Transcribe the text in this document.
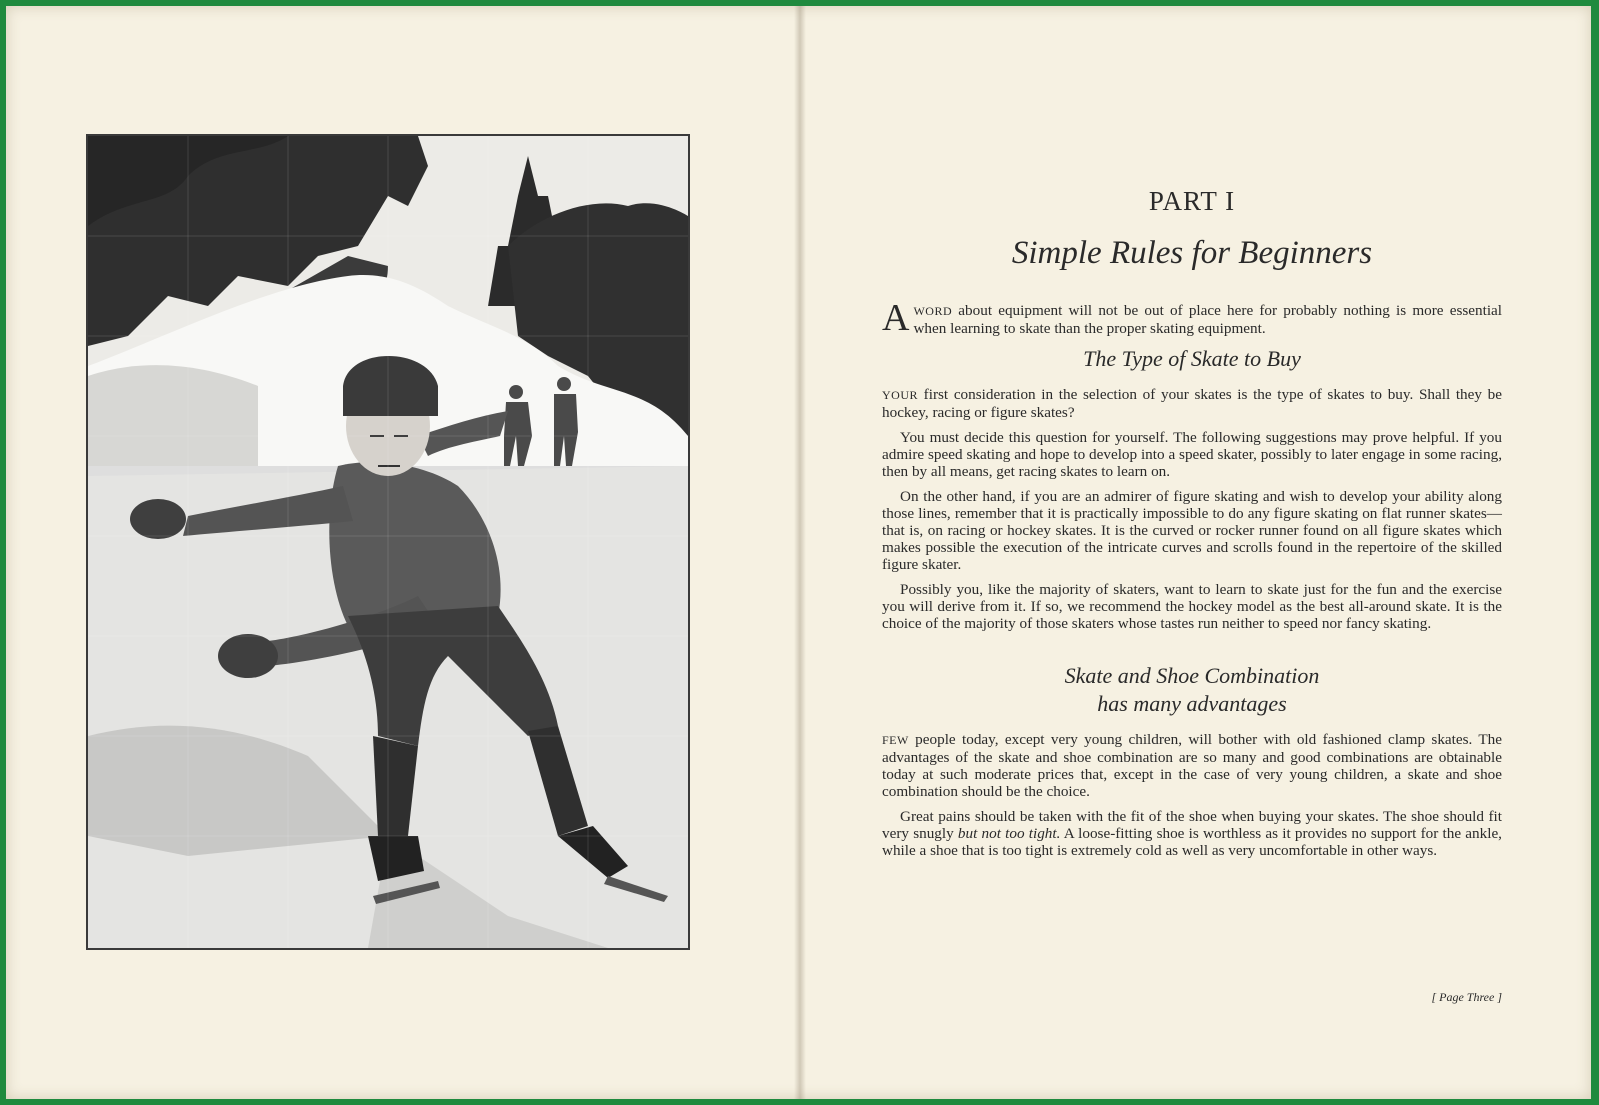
PART I
Simple Rules for Beginners

AWORD about equipment will not be out of place here for probably nothing is more essential when learning to skate than the proper skating equipment.

The Type of Skate to Buy

YOUR first consideration in the selection of your skates is the type of skates to buy. Shall they be hockey, racing or figure skates?

You must decide this question for yourself. The following suggestions may prove helpful. If you admire speed skating and hope to develop into a speed skater, possibly to later engage in some racing, then by all means, get racing skates to learn on.

On the other hand, if you are an admirer of figure skating and wish to develop your ability along those lines, remember that it is practically impossible to do any figure skating on flat runner skates—that is, on racing or hockey skates. It is the curved or rocker runner found on all figure skates which makes possible the execution of the intricate curves and scrolls found in the repertoire of the skilled figure skater.

Possibly you, like the majority of skaters, want to learn to skate just for the fun and the exercise you will derive from it. If so, we recommend the hockey model as the best all-around skate. It is the choice of the majority of those skaters whose tastes run neither to speed nor fancy skating.

Skate and Shoe Combination
has many advantages

FEW people today, except very young children, will bother with old fashioned clamp skates. The advantages of the skate and shoe combination are so many and good combinations are obtainable today at such moderate prices that, except in the case of very young children, a skate and shoe combination should be the choice.

Great pains should be taken with the fit of the shoe when buying your skates. The shoe should fit very snugly but not too tight. A loose-fitting shoe is worthless as it provides no support for the ankle, while a shoe that is too tight is extremely cold as well as very uncomfortable in other ways.

[ Page Three ]
